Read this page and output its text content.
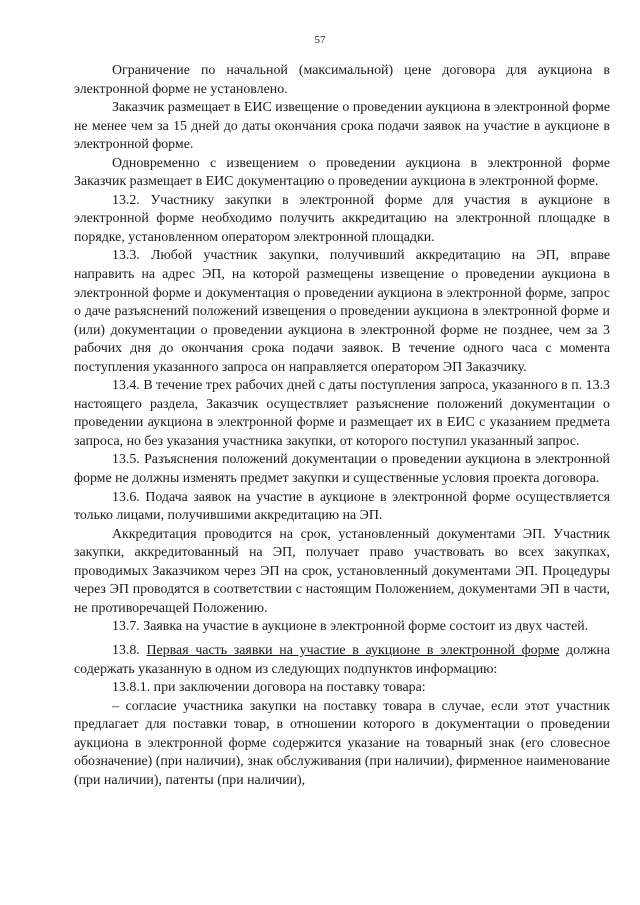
57

Ограничение по начальной (максимальной) цене договора для аукциона в электронной форме не установлено.

Заказчик размещает в ЕИС извещение о проведении аукциона в электронной форме не менее чем за 15 дней до даты окончания срока подачи заявок на участие в аукционе в электронной форме.

Одновременно с извещением о проведении аукциона в электронной форме Заказчик размещает в ЕИС документацию о проведении аукциона в электронной форме.

13.2. Участнику закупки в электронной форме для участия в аукционе в электронной форме необходимо получить аккредитацию на электронной площадке в порядке, установленном оператором электронной площадки.

13.3. Любой участник закупки, получивший аккредитацию на ЭП, вправе направить на адрес ЭП, на которой размещены извещение о проведении аукциона в электронной форме и документация о проведении аукциона в электронной форме, запрос о даче разъяснений положений извещения о проведении аукциона в электронной форме и (или) документации о проведении аукциона в электронной форме не позднее, чем за 3 рабочих дня до окончания срока подачи заявок. В течение одного часа с момента поступления указанного запроса он направляется оператором ЭП Заказчику.

13.4. В течение трех рабочих дней с даты поступления запроса, указанного в п. 13.3 настоящего раздела, Заказчик осуществляет разъяснение положений документации о проведении аукциона в электронной форме и размещает их в ЕИС с указанием предмета запроса, но без указания участника закупки, от которого поступил указанный запрос.

13.5. Разъяснения положений документации о проведении аукциона в электронной форме не должны изменять предмет закупки и существенные условия проекта договора.

13.6. Подача заявок на участие в аукционе в электронной форме осуществляется только лицами, получившими аккредитацию на ЭП.

Аккредитация проводится на срок, установленный документами ЭП. Участник закупки, аккредитованный на ЭП, получает право участвовать во всех закупках, проводимых Заказчиком через ЭП на срок, установленный документами ЭП. Процедуры через ЭП проводятся в соответствии с настоящим Положением, документами ЭП в части, не противоречащей Положению.

13.7. Заявка на участие в аукционе в электронной форме состоит из двух частей.

13.8. Первая часть заявки на участие в аукционе в электронной форме должна содержать указанную в одном из следующих подпунктов информацию:

13.8.1. при заключении договора на поставку товара:

– согласие участника закупки на поставку товара в случае, если этот участник предлагает для поставки товар, в отношении которого в документации о проведении аукциона в электронной форме содержится указание на товарный знак (его словесное обозначение) (при наличии), знак обслуживания (при наличии), фирменное наименование (при наличии), патенты (при наличии),
